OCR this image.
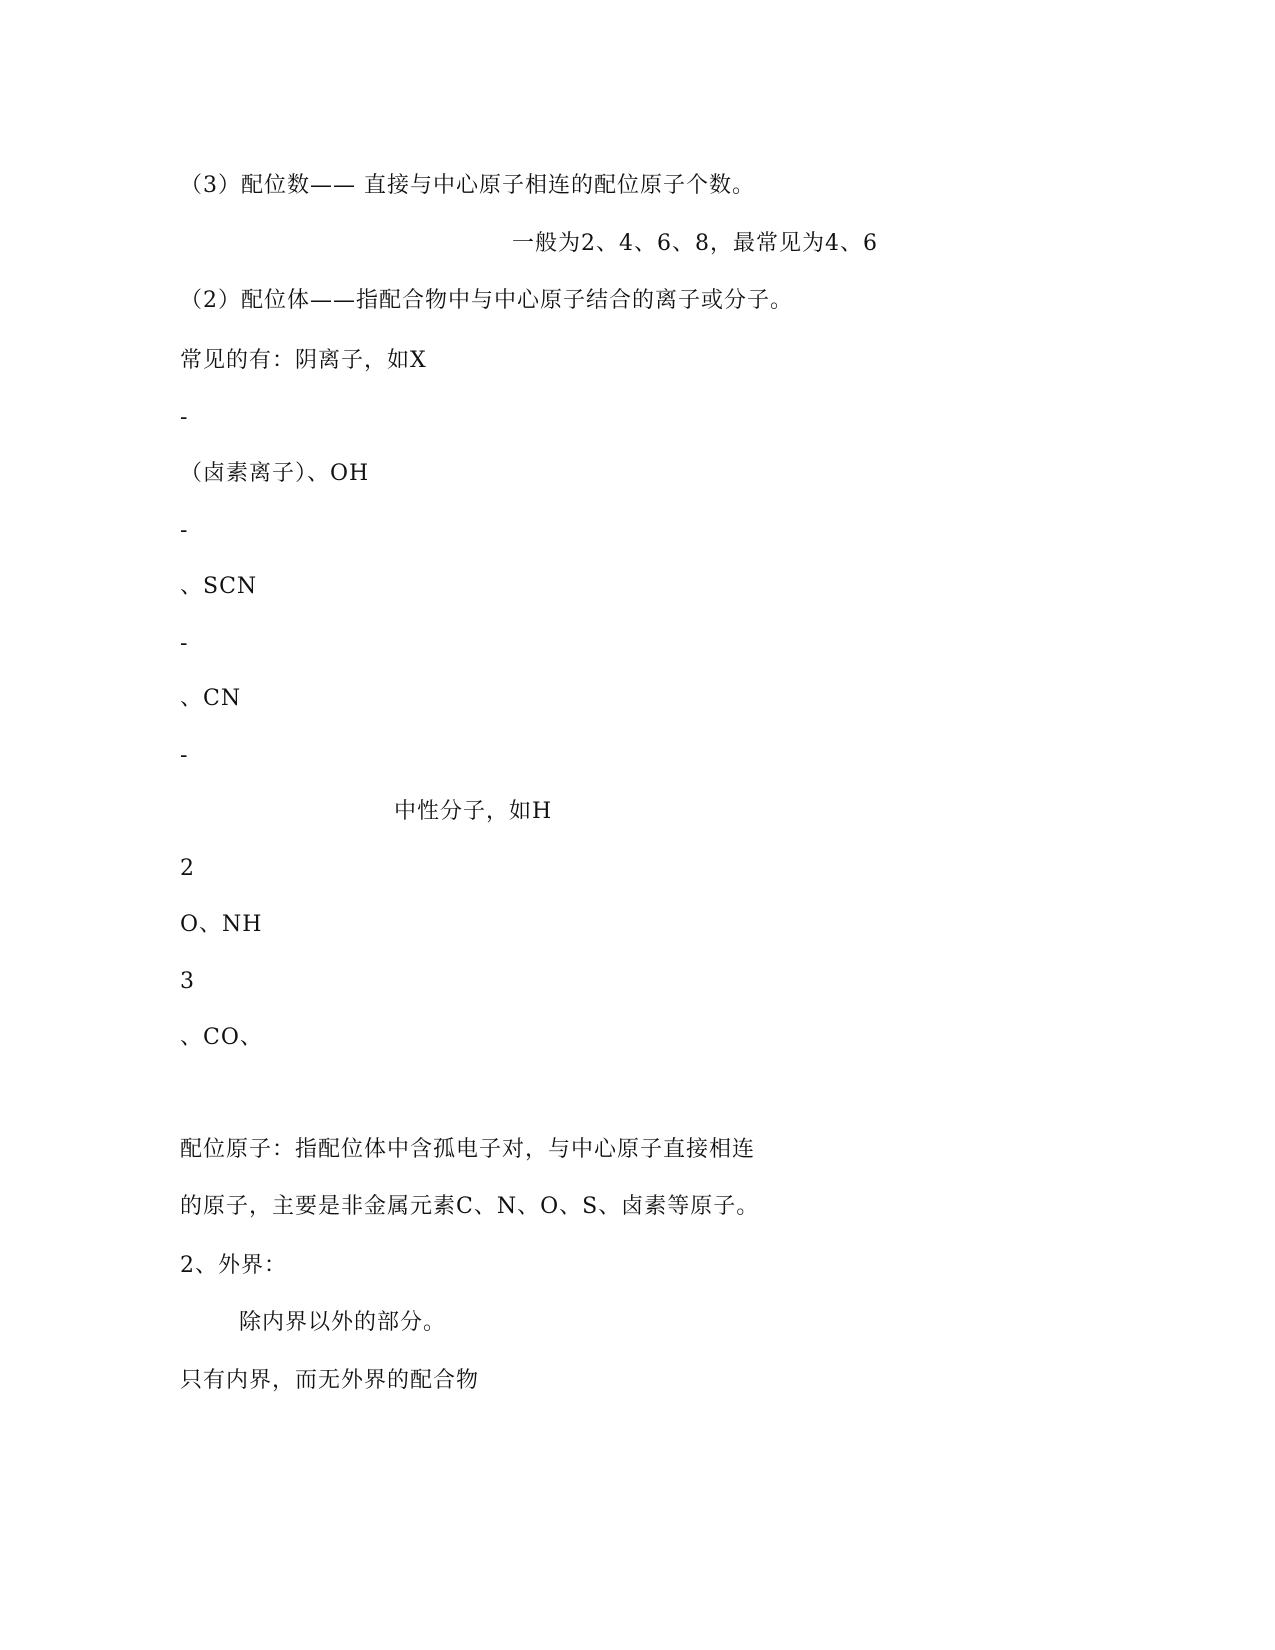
（3）配位数—— 直接与中心原子相连的配位原子个数。
一般为2、4、6、8，最常见为4、6
（2）配位体——指配合物中与中心原子结合的离子或分子。
常见的有：阴离子，如X
-
（卤素离子）、OH
-
、SCN
-
、CN
-
中性分子，如H
2
O、NH
3
、CO、
配位原子：指配位体中含孤电子对，与中心原子直接相连
的原子，主要是非金属元素C、N、O、S、卤素等原子。
2、外界：
除内界以外的部分。
只有内界，而无外界的配合物
